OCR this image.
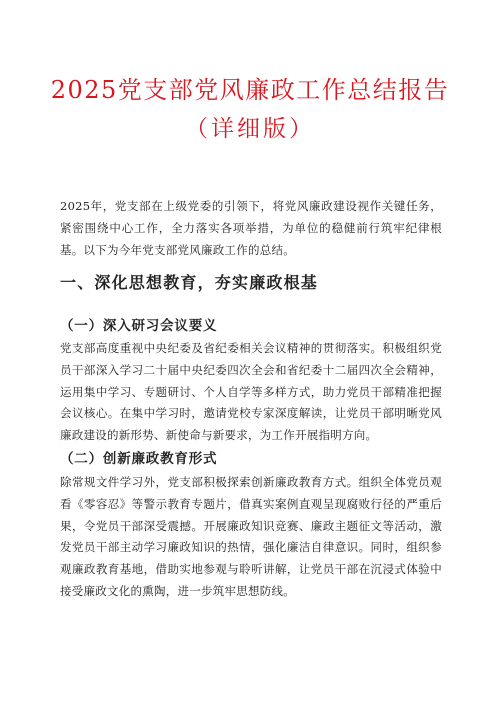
2025党支部党风廉政工作总结报告
（详细版）

2025年，党支部在上级党委的引领下，将党风廉政建设视作关键任务，紧密围绕中心工作，全力落实各项举措，为单位的稳健前行筑牢纪律根基。以下为今年党支部党风廉政工作的总结。

一、深化思想教育，夯实廉政根基
（一）深入研习会议要义

党支部高度重视中央纪委及省纪委相关会议精神的贯彻落实。积极组织党员干部深入学习二十届中央纪委四次全会和省纪委十二届四次全会精神，运用集中学习、专题研讨、个人自学等多样方式，助力党员干部精准把握会议核心。在集中学习时，邀请党校专家深度解读，让党员干部明晰党风廉政建设的新形势、新使命与新要求，为工作开展指明方向。

（二）创新廉政教育形式

除常规文件学习外，党支部积极探索创新廉政教育方式。组织全体党员观看《零容忍》等警示教育专题片，借真实案例直观呈现腐败行径的严重后果，令党员干部深受震撼。开展廉政知识竞赛、廉政主题征文等活动，激发党员干部主动学习廉政知识的热情，强化廉洁自律意识。同时，组织参观廉政教育基地，借助实地参观与聆听讲解，让党员干部在沉浸式体验中接受廉政文化的熏陶，进一步筑牢思想防线。
